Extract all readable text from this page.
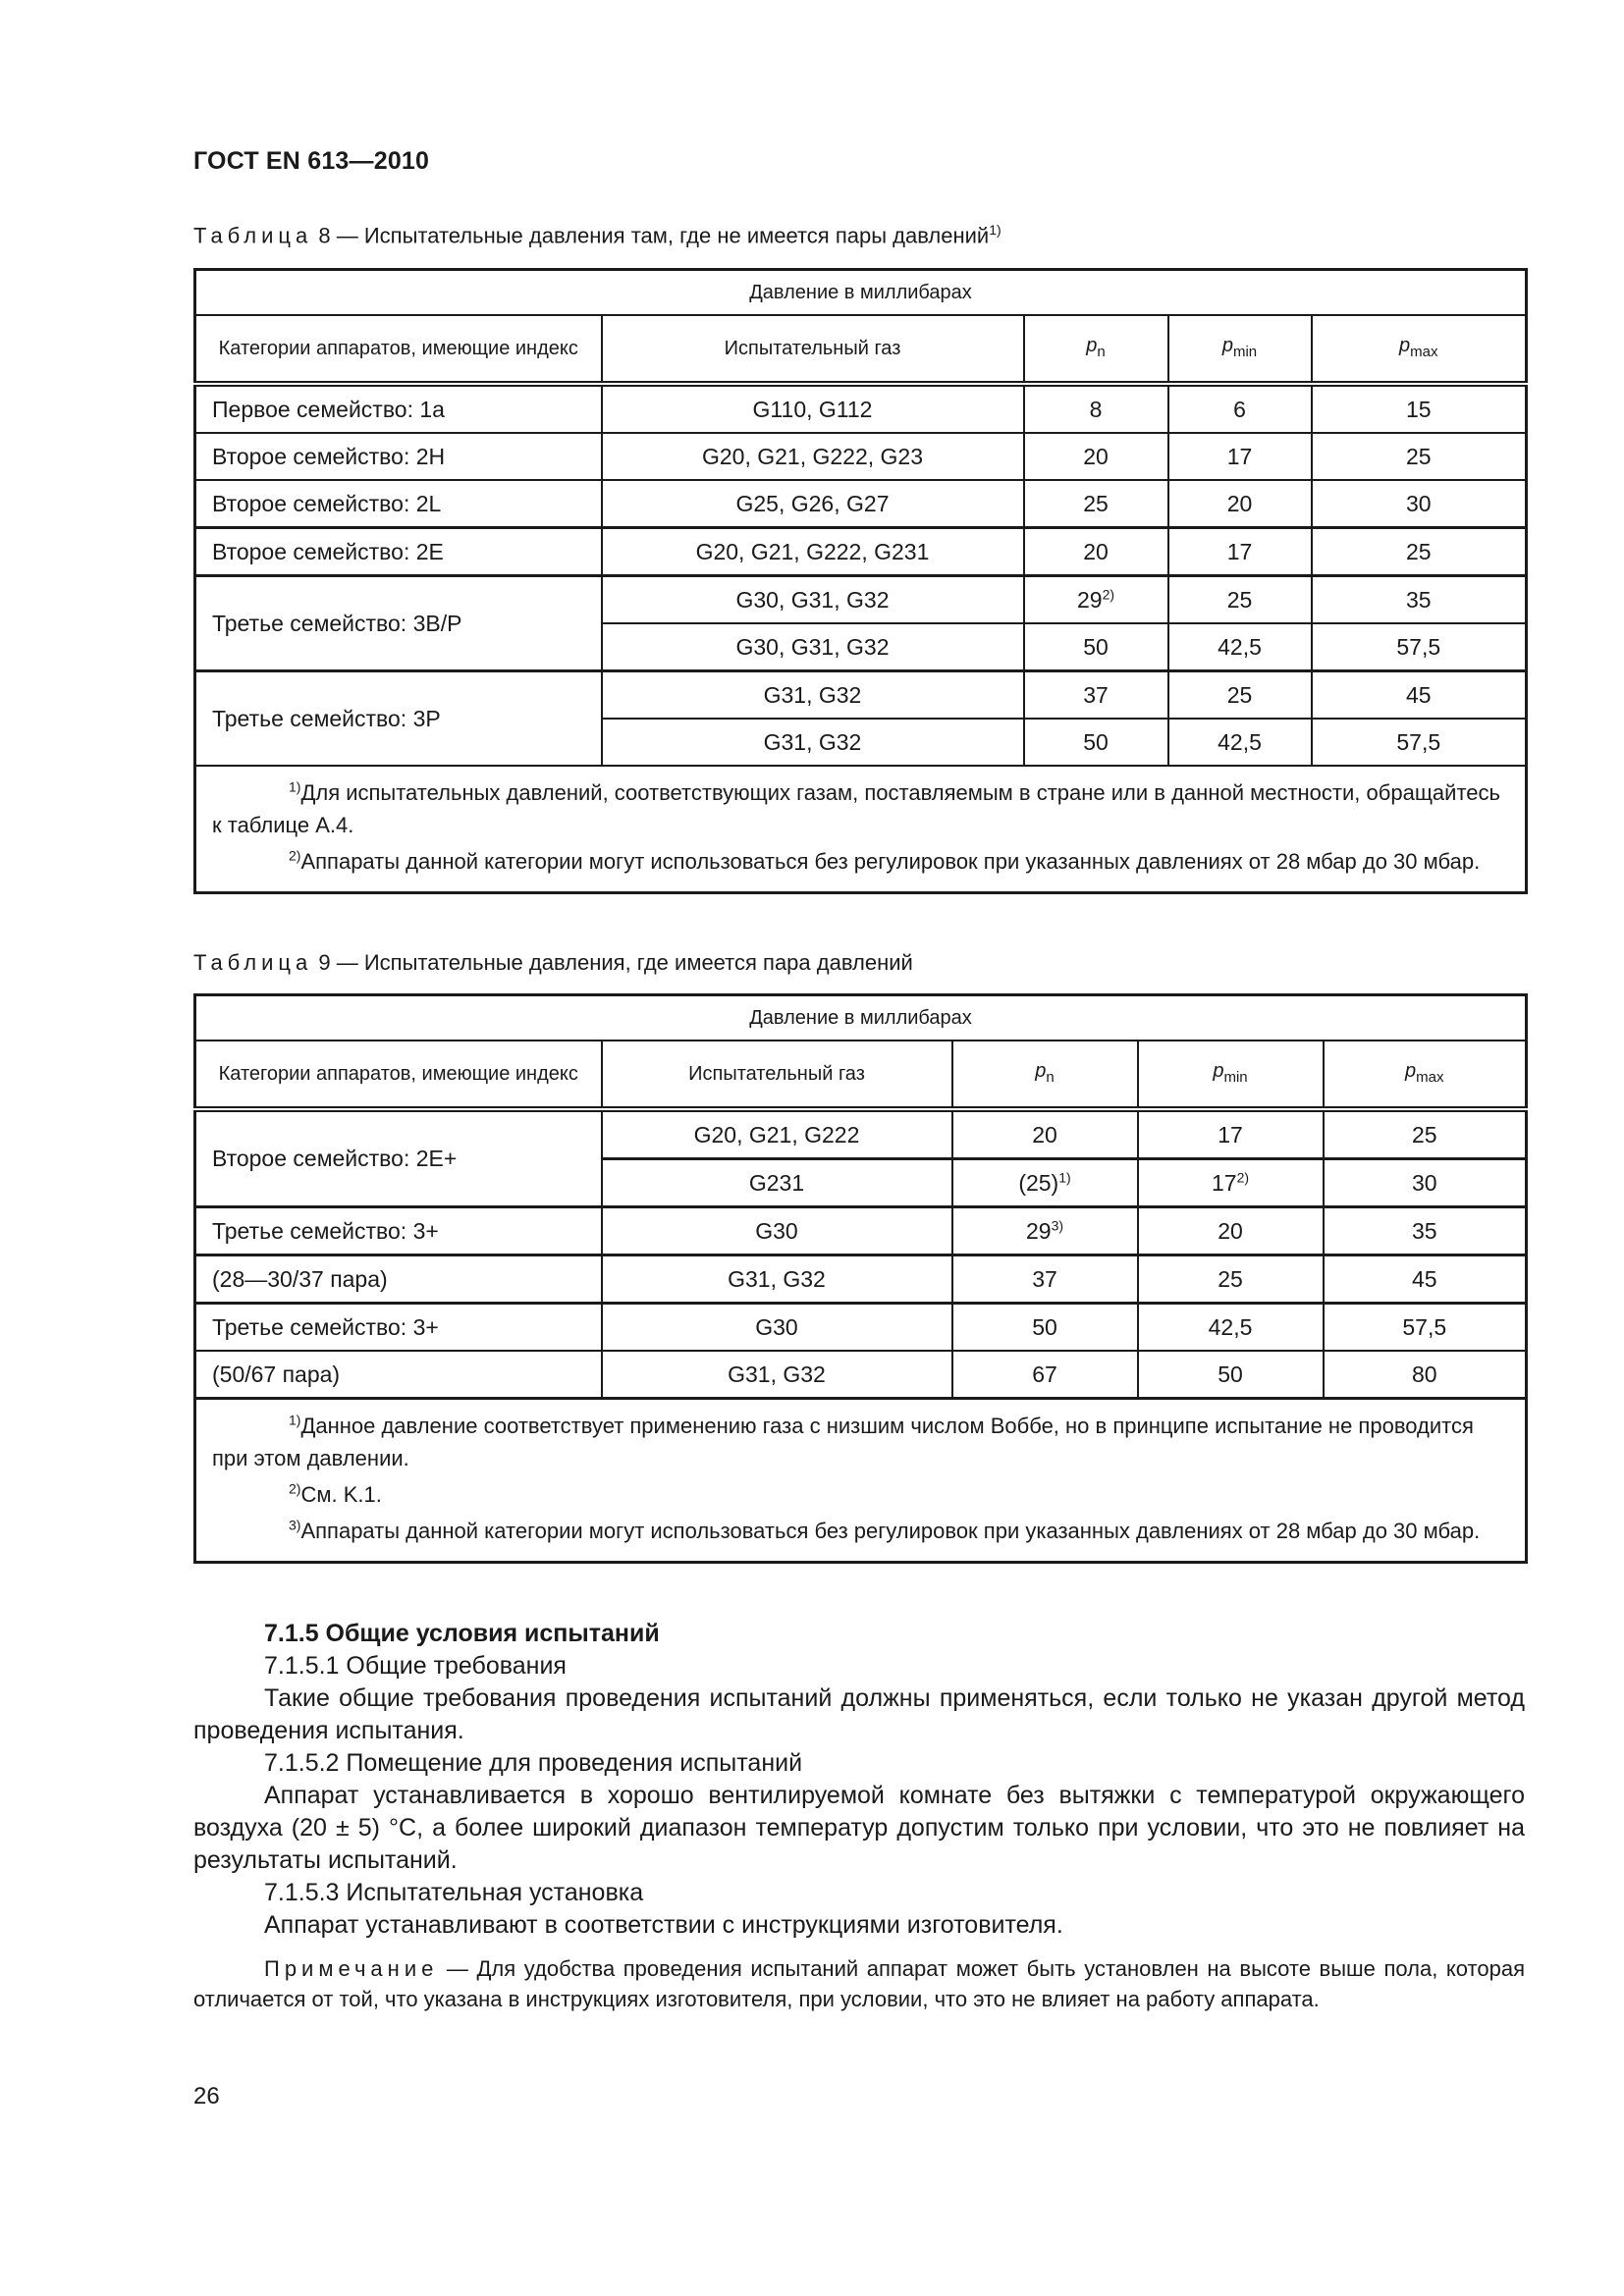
ГОСТ EN 613—2010
Таблица 8 — Испытательные давления там, где не имеется пары давлений$^{1)}$
Давление в миллибарах				
Категории аппаратов, имеющие индекс	Испытательный газ	$p_n$	$p_{min}$	$p_{max}$
Первое семейство: 1a	G110, G112	8	6	15
Второе семейство: 2H	G20, G21, G222, G23	20	17	25
Второе семейство: 2L	G25, G26, G27	25	20	30
Второе семейство: 2E	G20, G21, G222, G231	20	17	25
Третье семейство: 3B/P	G30, G31, G32	29$^{2)}$	25	35
	G30, G31, G32	50	42,5	57,5
Третье семейство: 3P	G31, G32	37	25	45
	G31, G32	50	42,5	57,5

$^{1)}$Для испытательных давлений, соответствующих газам, поставляемым в стране или в данной местности, обращайтесь к таблице A.4.

$^{2)}$Аппараты данной категории могут использоваться без регулировок при указанных давлениях от 28 мбар до 30 мбар.				

Таблица 9 — Испытательные давления, где имеется пара давлений
Давление в миллибарах				
Категории аппаратов, имеющие индекс	Испытательный газ	$p_n$	$p_{min}$	$p_{max}$
Второе семейство: 2E+	G20, G21, G222	20	17	25
	G231	$(25)^{1)}$	17$^{2)}$	30
Третье семейство: 3+	G30	29$^{3)}$	20	35
(28—30/37 пара)	G31, G32	37	25	45
Третье семейство: 3+	G30	50	42,5	57,5
(50/67 пара)	G31, G32	67	50	80

$^{1)}$Данное давление соответствует применению газа с низшим числом Воббе, но в принципе испытание не проводится при этом давлении.

$^{2)}$См. K.1.

$^{3)}$Аппараты данной категории могут использоваться без регулировок при указанных давлениях от 28 мбар до 30 мбар.				

7.1.5 Общие условия испытаний

7.1.5.1 Общие требования

Такие общие требования проведения испытаний должны применяться, если только не указан другой метод проведения испытания.

7.1.5.2 Помещение для проведения испытаний

Аппарат устанавливается в хорошо вентилируемой комнате без вытяжки с температурой окружающего воздуха (20 ± 5) °C, а более широкий диапазон температур допустим только при условии, что это не повлияет на результаты испытаний.

7.1.5.3 Испытательная установка

Аппарат устанавливают в соответствии с инструкциями изготовителя.

Примечание — Для удобства проведения испытаний аппарат может быть установлен на высоте выше пола, которая отличается от той, что указана в инструкциях изготовителя, при условии, что это не влияет на работу аппарата.

26
